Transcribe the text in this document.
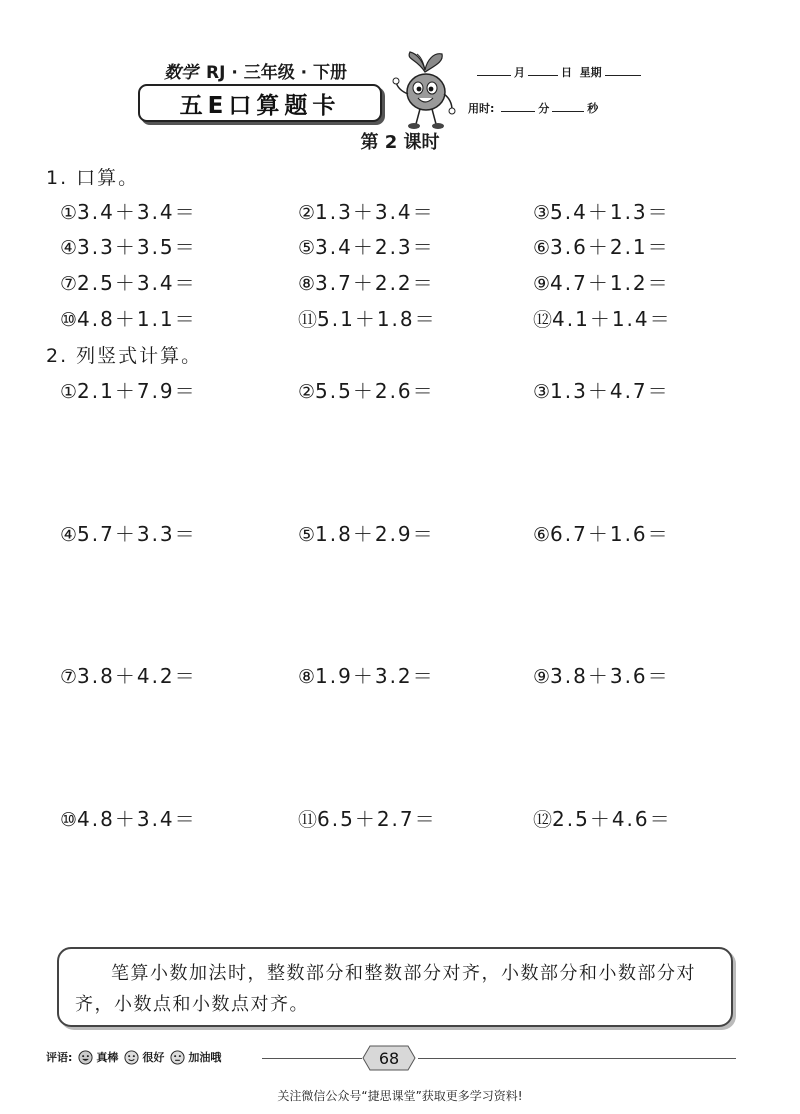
数学 RJ · 三年级 · 下册
五E口算题卡
月	日 星期
用时:	分	秒
第 2 课时
1. 口算。
①3.4＋3.4＝	②1.3＋3.4＝	③5.4＋1.3＝
④3.3＋3.5＝	⑤3.4＋2.3＝	⑥3.6＋2.1＝
⑦2.5＋3.4＝	⑧3.7＋2.2＝	⑨4.7＋1.2＝
⑩4.8＋1.1＝	⑪5.1＋1.8＝	⑫4.1＋1.4＝
2. 列竖式计算。
①2.1＋7.9＝	②5.5＋2.6＝	③1.3＋4.7＝
④5.7＋3.3＝	⑤1.8＋2.9＝	⑥6.7＋1.6＝
⑦3.8＋4.2＝	⑧1.9＋3.2＝	⑨3.8＋3.6＝
⑩4.8＋3.4＝	⑪6.5＋2.7＝	⑫2.5＋4.6＝

笔算小数加法时，整数部分和整数部分对齐，小数部分和小数部分对齐，小数点和小数点对齐。

评语: 真棒 很好 加油哦	68
关注微信公众号“捷思课堂”获取更多学习资料!
